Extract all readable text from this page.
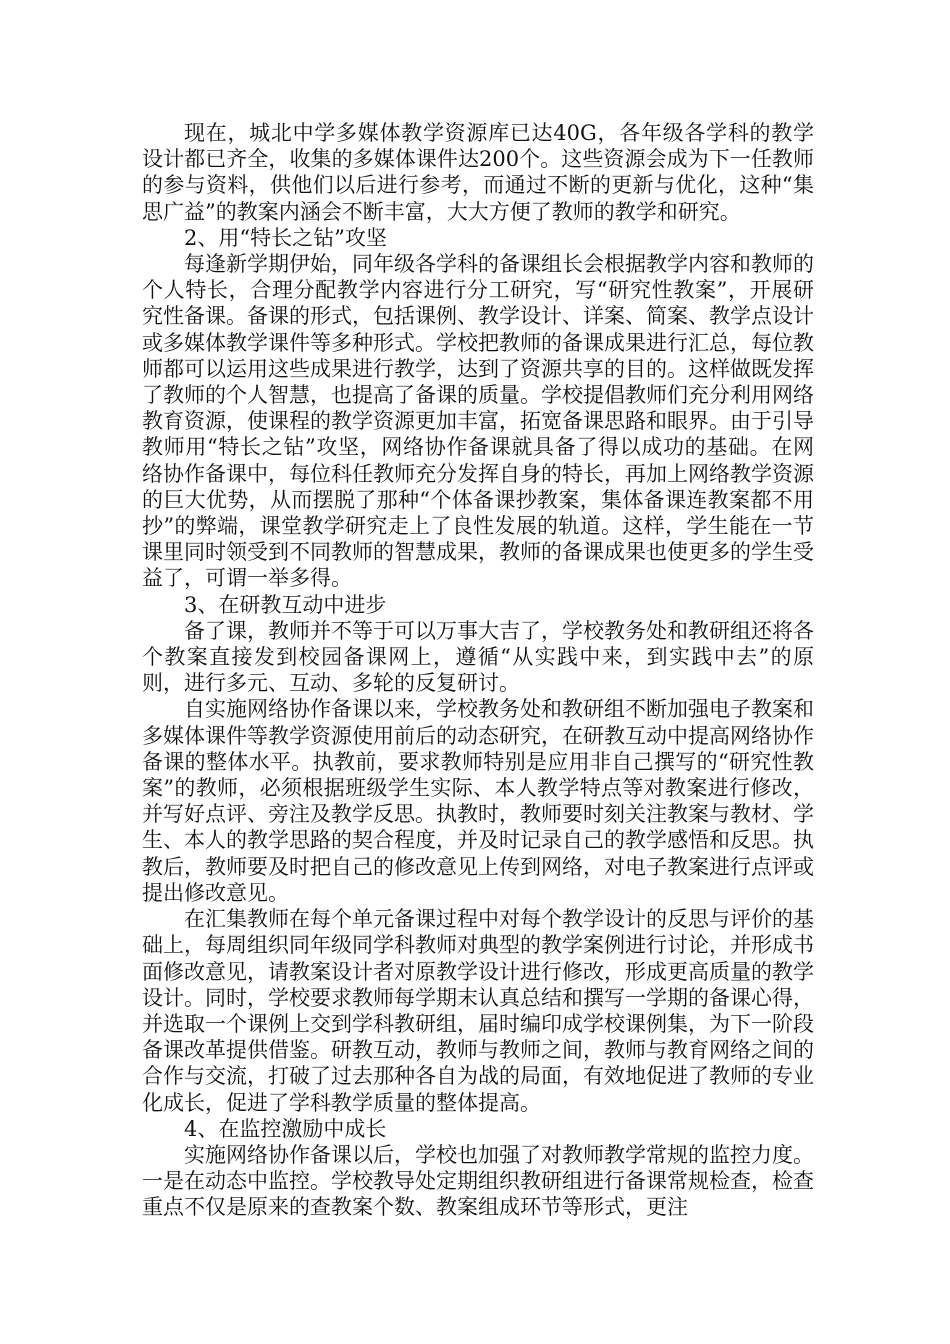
现在，城北中学多媒体教学资源库已达40G，各年级各学科的教学设计都已齐全，收集的多媒体课件达200个。这些资源会成为下一任教师的参与资料，供他们以后进行参考，而通过不断的更新与优化，这种“集思广益”的教案内涵会不断丰富，大大方便了教师的教学和研究。

2、用“特长之钻”攻坚

每逢新学期伊始，同年级各学科的备课组长会根据教学内容和教师的个人特长，合理分配教学内容进行分工研究，写“研究性教案”，开展研究性备课。备课的形式，包括课例、教学设计、详案、简案、教学点设计或多媒体教学课件等多种形式。学校把教师的备课成果进行汇总，每位教师都可以运用这些成果进行教学，达到了资源共享的目的。这样做既发挥了教师的个人智慧，也提高了备课的质量。学校提倡教师们充分利用网络教育资源，使课程的教学资源更加丰富，拓宽备课思路和眼界。由于引导教师用“特长之钻”攻坚，网络协作备课就具备了得以成功的基础。在网络协作备课中，每位科任教师充分发挥自身的特长，再加上网络教学资源的巨大优势，从而摆脱了那种“个体备课抄教案，集体备课连教案都不用抄”的弊端，课堂教学研究走上了良性发展的轨道。这样，学生能在一节课里同时领受到不同教师的智慧成果，教师的备课成果也使更多的学生受益了，可谓一举多得。

3、在研教互动中进步

备了课，教师并不等于可以万事大吉了，学校教务处和教研组还将各个教案直接发到校园备课网上，遵循“从实践中来，到实践中去”的原则，进行多元、互动、多轮的反复研讨。

自实施网络协作备课以来，学校教务处和教研组不断加强电子教案和多媒体课件等教学资源使用前后的动态研究，在研教互动中提高网络协作备课的整体水平。执教前，要求教师特别是应用非自己撰写的“研究性教案”的教师，必须根据班级学生实际、本人教学特点等对教案进行修改，并写好点评、旁注及教学反思。执教时，教师要时刻关注教案与教材、学生、本人的教学思路的契合程度，并及时记录自己的教学感悟和反思。执教后，教师要及时把自己的修改意见上传到网络，对电子教案进行点评或提出修改意见。

在汇集教师在每个单元备课过程中对每个教学设计的反思与评价的基础上，每周组织同年级同学科教师对典型的教学案例进行讨论，并形成书面修改意见，请教案设计者对原教学设计进行修改，形成更高质量的教学设计。同时，学校要求教师每学期末认真总结和撰写一学期的备课心得，并选取一个课例上交到学科教研组，届时编印成学校课例集，为下一阶段备课改革提供借鉴。研教互动，教师与教师之间，教师与教育网络之间的合作与交流，打破了过去那种各自为战的局面，有效地促进了教师的专业化成长，促进了学科教学质量的整体提高。

4、在监控激励中成长

实施网络协作备课以后，学校也加强了对教师教学常规的监控力度。一是在动态中监控。学校教导处定期组织教研组进行备课常规检查，检查重点不仅是原来的查教案个数、教案组成环节等形式，更注
